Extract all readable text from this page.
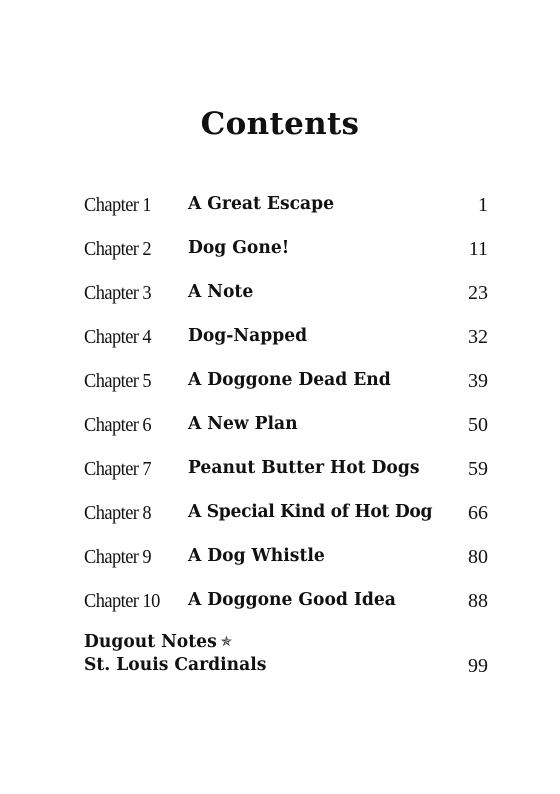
Contents
Chapter 1 A Great Escape	1
Chapter 2 Dog Gone!	11
Chapter 3 A Note	23
Chapter 4 Dog-Napped	32
Chapter 5 A Doggone Dead End	39
Chapter 6 A New Plan	50
Chapter 7 Peanut Butter Hot Dogs 59
Chapter 8 A Special Kind of Hot Dog 66
Chapter 9 A Dog Whistle	80
Chapter 10 A Doggone Good Idea	88
Dugout Notes ✯
St. Louis Cardinals	99
